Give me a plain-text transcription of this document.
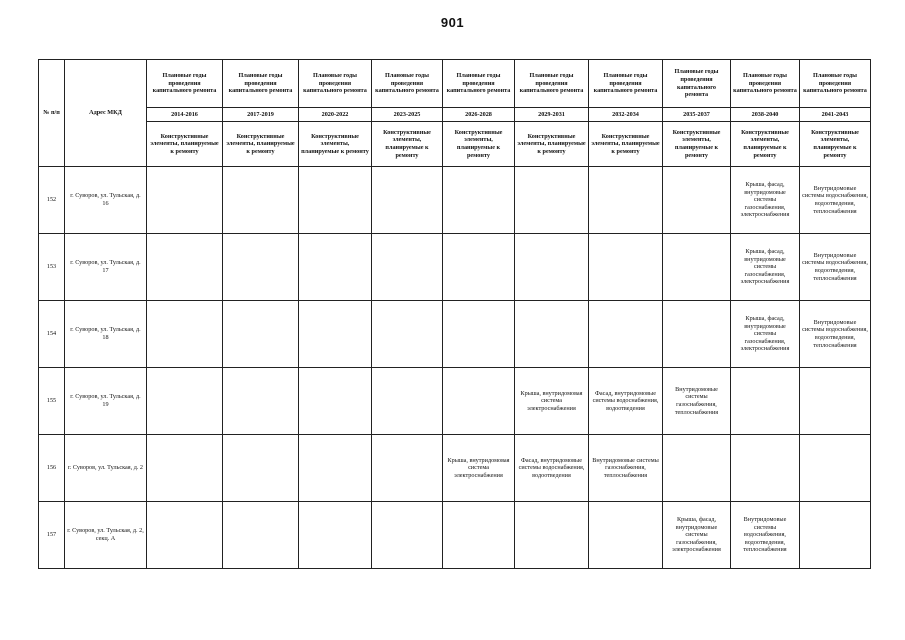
901
№ п/п	Адрес МКД	Плановые годы проведения капитального ремонта	Плановые годы проведения капитального ремонта	Плановые годы проведения капитального ремонта	Плановые годы проведения капитального ремонта	Плановые годы проведения капитального ремонта	Плановые годы проведения капитального ремонта	Плановые годы проведения капитального ремонта	Плановые годы проведения капитального ремонта	Плановые годы проведения капитального ремонта	Плановые годы проведения капитального ремонта
		2014-2016	2017-2019	2020-2022	2023-2025	2026-2028	2029-2031	2032-2034	2035-2037	2038-2040	2041-2043
		Конструктивные элементы, планируемые к ремонту	Конструктивные элементы, планируемые к ремонту	Конструктивные элементы, планируемые к ремонту	Конструктивные элементы, планируемые к ремонту	Конструктивные элементы, планируемые к ремонту	Конструктивные элементы, планируемые к ремонту	Конструктивные элементы, планируемые к ремонту	Конструктивные элементы, планируемые к ремонту	Конструктивные элементы, планируемые к ремонту	Конструктивные элементы, планируемые к ремонту
152	г. Суворов, ул. Тульская, д. 16									Крыша, фасад, внутридомовые системы газоснабжения, электроснабжения	Внутридомовые системы водоснабжения, водоотведения, теплоснабжения
153	г. Суворов, ул. Тульская, д. 17									Крыша, фасад, внутридомовые системы газоснабжения, электроснабжения	Внутридомовые системы водоснабжения, водоотведения, теплоснабжения
154	г. Суворов, ул. Тульская, д. 18									Крыша, фасад, внутридомовые системы газоснабжения, электроснабжения	Внутридомовые системы водоснабжения, водоотведения, теплоснабжения
155	г. Суворов, ул. Тульская, д. 19						Крыша, внутридомовая система электроснабжения	Фасад, внутридомовые системы водоснабжения, водоотведения	Внутридомовые системы газоснабжения, теплоснабжения		
156	г. Суворов, ул. Тульская, д. 2					Крыша, внутридомовая система электроснабжения	Фасад, внутридомовые системы водоснабжения, водоотведения	Внутридомовые системы газоснабжения, теплоснабжения			
157	г. Суворов, ул. Тульская, д. 2, секц. А								Крыша, фасад, внутридомовые системы газоснабжения, электроснабжения	Внутридомовые системы водоснабжения, водоотведения, теплоснабжения	
